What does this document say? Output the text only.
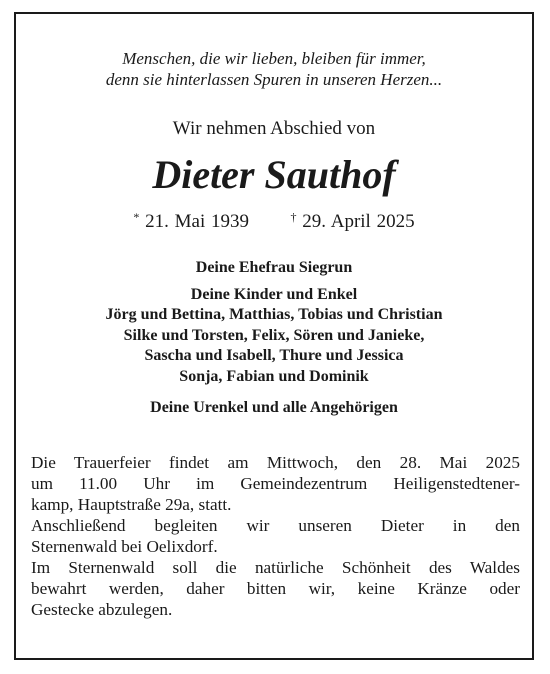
Menschen, die wir lieben, bleiben für immer,
denn sie hinterlassen Spuren in unseren Herzen...
Wir nehmen Abschied von
Dieter Sauthof
* 21. Mai 1939	† 29. April 2025
Deine Ehefrau Siegrun
Deine Kinder und Enkel
Jörg und Bettina, Matthias, Tobias und Christian
Silke und Torsten, Felix, Sören und Janieke,
Sascha und Isabell, Thure und Jessica
Sonja, Fabian und Dominik
Deine Urenkel und alle Angehörigen

Die Trauerfeier findet am Mittwoch, den 28. Mai 2025

um 11.00 Uhr im Gemeindezentrum Heiligenstedtener-

kamp, Hauptstraße 29a, statt.

Anschließend begleiten wir unseren Dieter in den

Sternenwald bei Oelixdorf.

Im Sternenwald soll die natürliche Schönheit des Waldes

bewahrt werden, daher bitten wir, keine Kränze oder

Gestecke abzulegen.
